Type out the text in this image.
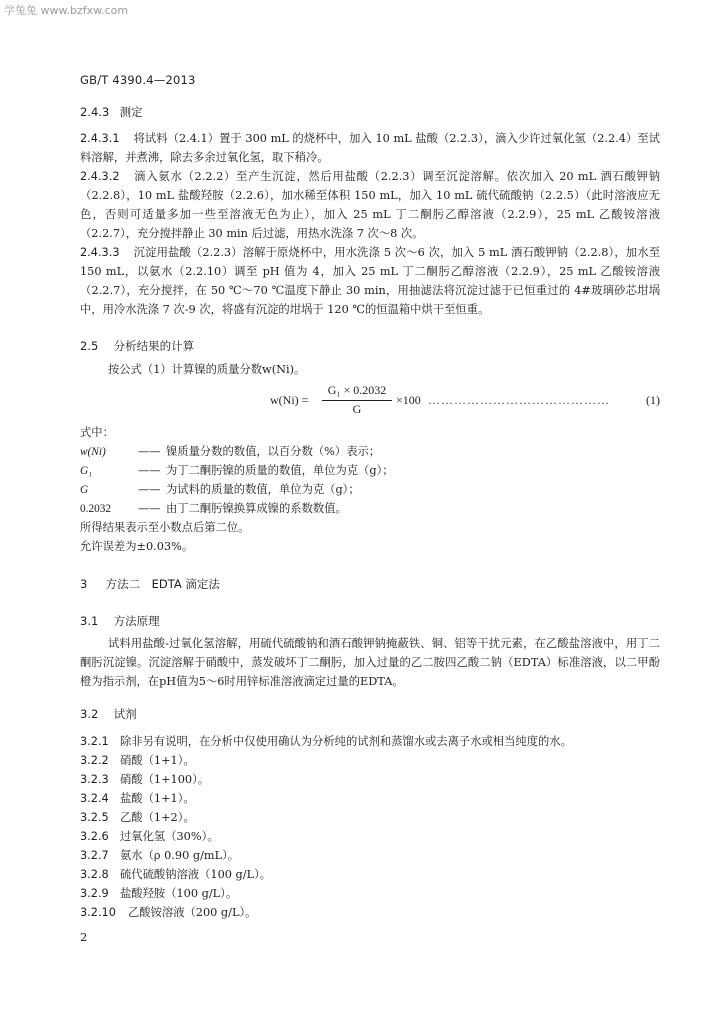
学兔兔 www.bzfxw.com
GB/T 4390.4—2013
2.4.3 测定

2.4.3.1 将试料（2.4.1）置于 300 mL 的烧杯中，加入 10 mL 盐酸（2.2.3），滴入少许过氧化氢（2.2.4）至试料溶解，并煮沸，除去多余过氧化氢，取下稍冷。

2.4.3.2 滴入氨水（2.2.2）至产生沉淀，然后用盐酸（2.2.3）调至沉淀溶解。依次加入 20 mL 酒石酸钾钠（2.2.8），10 mL 盐酸羟胺（2.2.6），加水稀至体积 150 mL，加入 10 mL 硫代硫酸钠（2.2.5）（此时溶液应无色，否则可适量多加一些至溶液无色为止），加入 25 mL 丁二酮肟乙醇溶液（2.2.9），25 mL 乙酸铵溶液（2.2.7），充分搅拌静止 30 min 后过滤，用热水洗涤 7 次～8 次。

2.4.3.3 沉淀用盐酸（2.2.3）溶解于原烧杯中，用水洗涤 5 次～6 次，加入 5 mL 酒石酸钾钠（2.2.8），加水至 150 mL，以氨水（2.2.10）调至 pH 值为 4，加入 25 mL 丁二酮肟乙醇溶液（2.2.9），25 mL 乙酸铵溶液（2.2.7），充分搅拌，在 50 ℃～70 ℃温度下静止 30 min，用抽滤法将沉淀过滤于已恒重过的 4#玻璃砂芯坩埚中，用冷水洗涤 7 次-9 次，将盛有沉淀的坩埚于 120 ℃的恒温箱中烘干至恒重。

2.5 分析结果的计算
按公式（1）计算镍的质量分数w(Ni)。
$w(Ni) = \frac{\text{G₁ × 0.2032}}{G} \times 100$ ……………………………………	(1)
式中：
w(Ni)	—— 镍质量分数的数值，以百分数（%）表示；
G₁	—— 为丁二酮肟镍的质量的数值，单位为克（g）；
G	—— 为试料的质量的数值，单位为克（g）；
0.2032 —— 由丁二酮肟镍换算成镍的系数数值。
所得结果表示至小数点后第二位。
允许误差为±0.03%。
3 方法二　EDTA 滴定法
3.1 方法原理

试料用盐酸-过氧化氢溶解，用硫代硫酸钠和酒石酸钾钠掩蔽铁、铜、铝等干扰元素，在乙酸盐溶液中，用丁二酮肟沉淀镍。沉淀溶解于硝酸中，蒸发破坏丁二酮肟，加入过量的乙二胺四乙酸二钠（EDTA）标准溶液，以二甲酚橙为指示剂，在pH值为5～6时用锌标准溶液滴定过量的EDTA。

3.2 试剂
3.2.1 除非另有说明，在分析中仅使用确认为分析纯的试剂和蒸馏水或去离子水或相当纯度的水。
3.2.2 硝酸（1+1）。
3.2.3 硝酸（1+100）。
3.2.4 盐酸（1+1）。
3.2.5 乙酸（1+2）。
3.2.6 过氧化氢（30%）。
3.2.7 氨水（ρ 0.90 g/mL）。
3.2.8 硫代硫酸钠溶液（100 g/L）。
3.2.9 盐酸羟胺（100 g/L）。
3.2.10 乙酸铵溶液（200 g/L）。
2
